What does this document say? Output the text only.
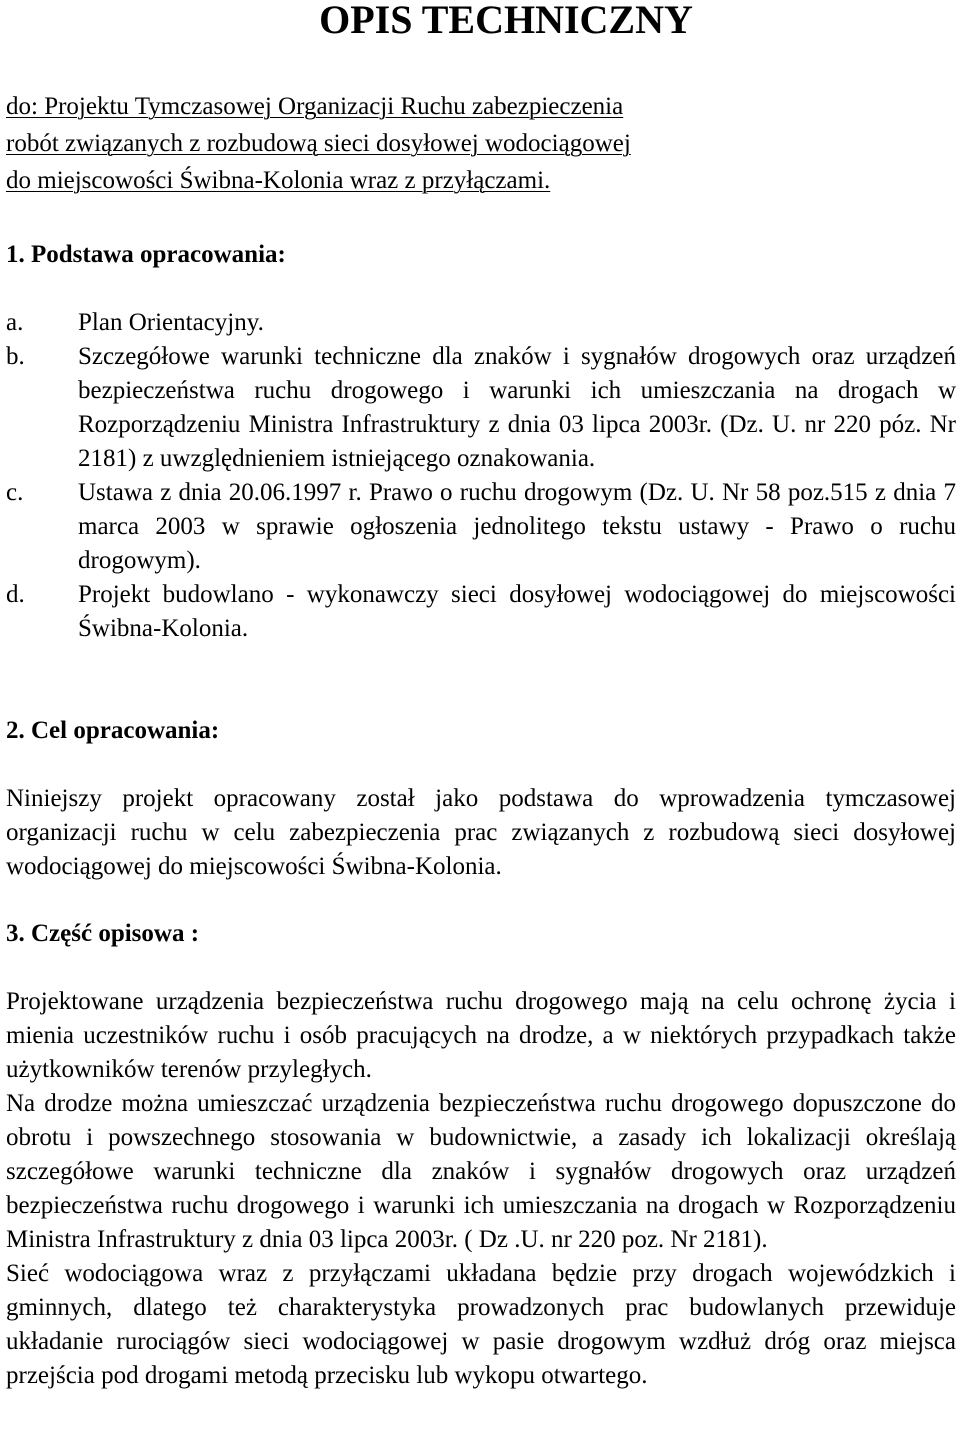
OPIS TECHNICZNY
do: Projektu Tymczasowej Organizacji Ruchu zabezpieczenia
robót związanych z rozbudową sieci dosyłowej wodociągowej
do miejscowości Świbna-Kolonia wraz z przyłączami.
1. Podstawa opracowania:
a. Plan Orientacyjny.
b. Szczegółowe warunki techniczne dla znaków i sygnałów drogowych oraz urządzeń bezpieczeństwa ruchu drogowego i warunki ich umieszczania na drogach w Rozporządzeniu Ministra Infrastruktury z dnia 03 lipca 2003r. (Dz. U. nr 220 póz. Nr 2181) z uwzględnieniem istniejącego oznakowania.
c. Ustawa z dnia 20.06.1997 r. Prawo o ruchu drogowym (Dz. U. Nr 58 poz.515 z dnia 7 marca 2003 w sprawie ogłoszenia jednolitego tekstu ustawy - Prawo o ruchu drogowym).
d. Projekt budowlano - wykonawczy sieci dosyłowej wodociągowej do miejscowości Świbna-Kolonia.
2. Cel opracowania:

Niniejszy projekt opracowany został jako podstawa do wprowadzenia tymczasowej organizacji ruchu w celu zabezpieczenia prac związanych z rozbudową sieci dosyłowej wodociągowej do miejscowości Świbna-Kolonia.

3. Część opisowa :

Projektowane urządzenia bezpieczeństwa ruchu drogowego mają na celu ochronę życia i mienia uczestników ruchu i osób pracujących na drodze, a w niektórych przypadkach także użytkowników terenów przyległych.

Na drodze można umieszczać urządzenia bezpieczeństwa ruchu drogowego dopuszczone do obrotu i powszechnego stosowania w budownictwie, a zasady ich lokalizacji określają szczegółowe warunki techniczne dla znaków i sygnałów drogowych oraz urządzeń bezpieczeństwa ruchu drogowego i warunki ich umieszczania na drogach w Rozporządzeniu Ministra Infrastruktury z dnia 03 lipca 2003r. ( Dz .U. nr 220 poz. Nr 2181).

Sieć wodociągowa wraz z przyłączami układana będzie przy drogach wojewódzkich i gminnych, dlatego też charakterystyka prowadzonych prac budowlanych przewiduje układanie rurociągów sieci wodociągowej w pasie drogowym wzdłuż dróg oraz miejsca przejścia pod drogami metodą przecisku lub wykopu otwartego.
